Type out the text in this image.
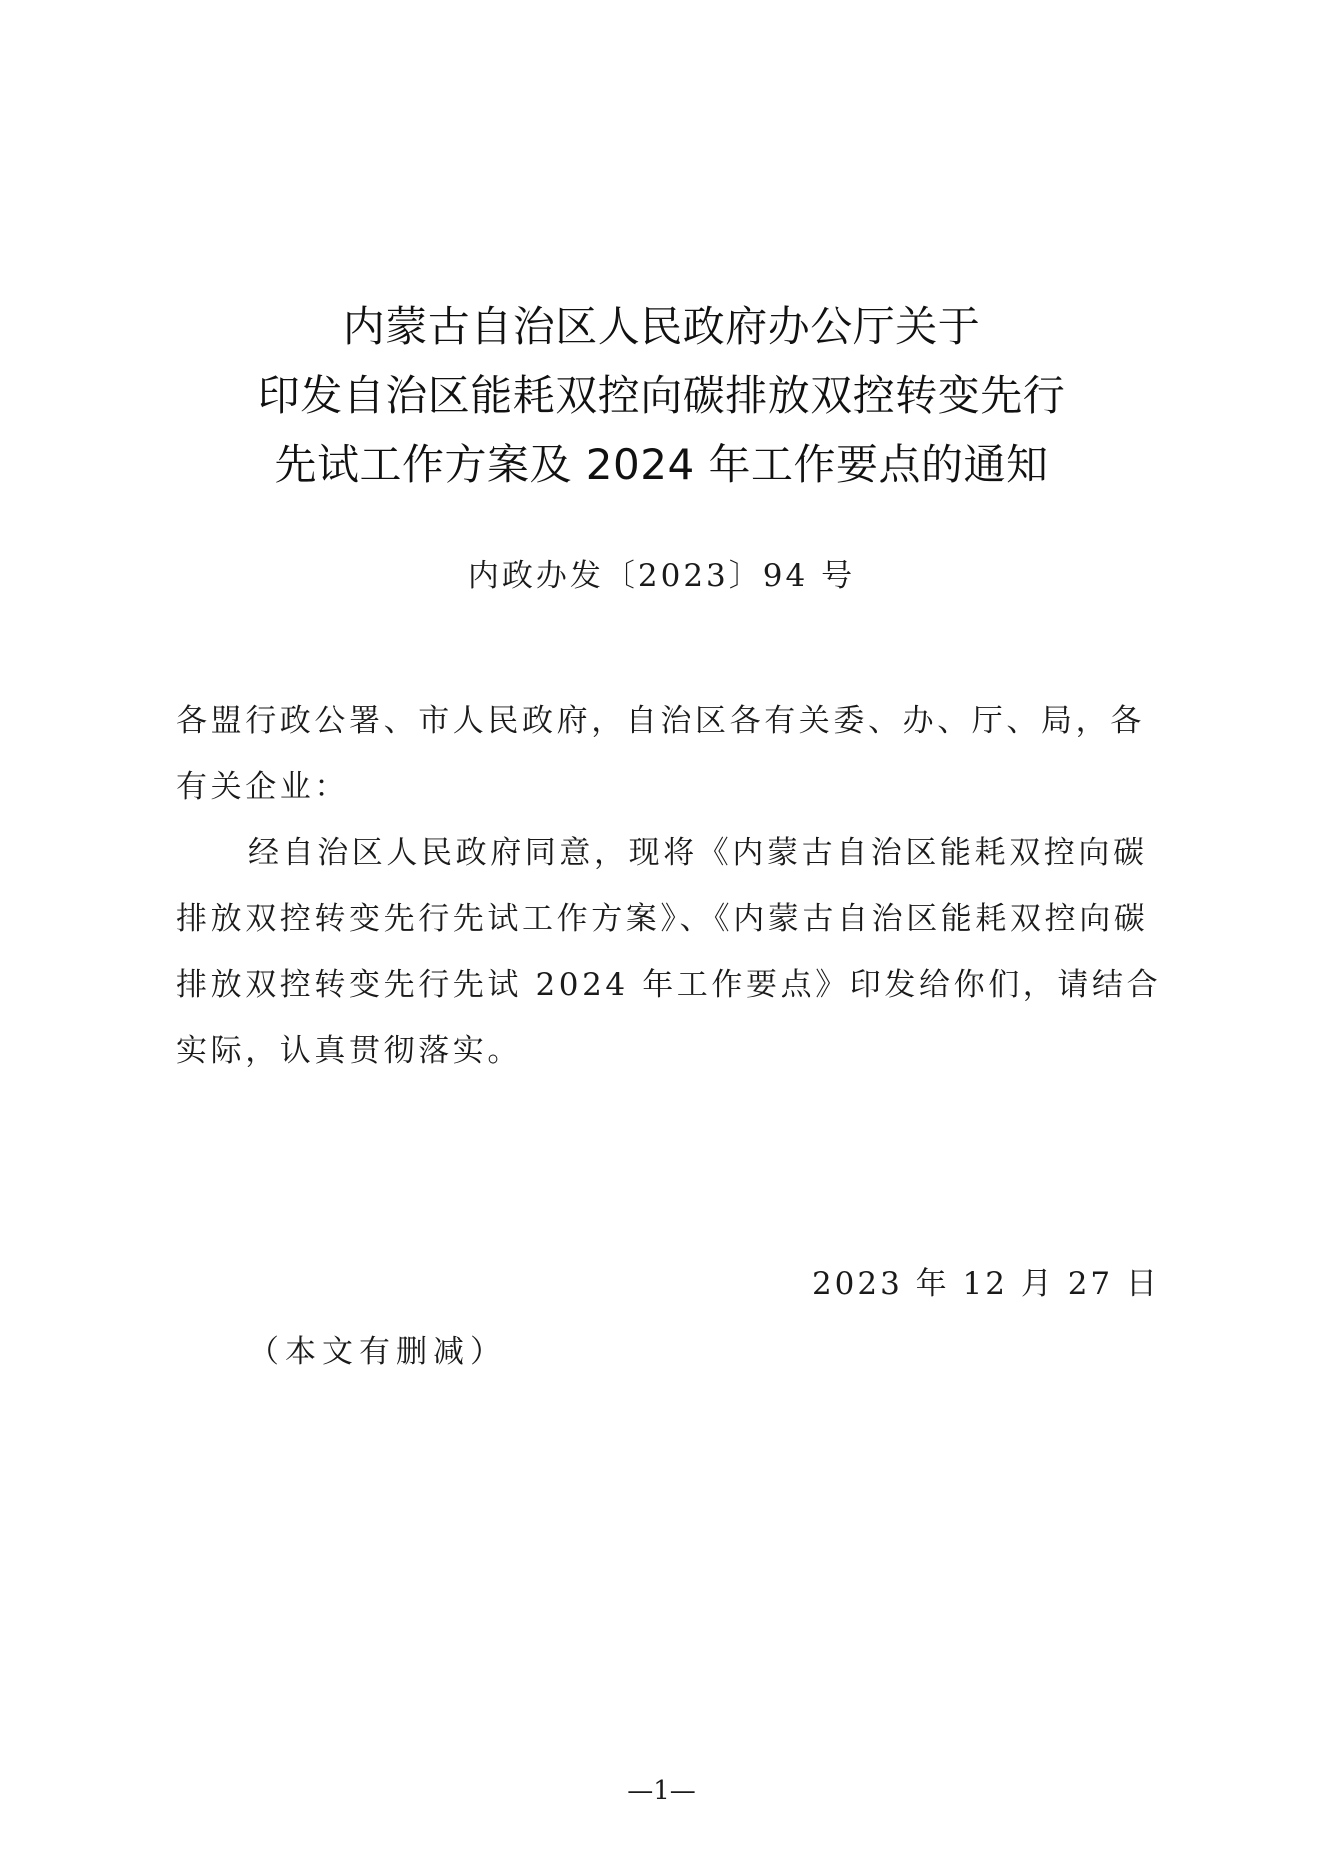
内蒙古自治区人民政府办公厅关于
印发自治区能耗双控向碳排放双控转变先行
先试工作方案及 2024 年工作要点的通知
内政办发〔2023〕94 号
各盟行政公署、市人民政府，自治区各有关委、办、厅、局，各
有关企业：
经自治区人民政府同意，现将《内蒙古自治区能耗双控向碳
排放双控转变先行先试工作方案》、《内蒙古自治区能耗双控向碳
排放双控转变先行先试 2024 年工作要点》印发给你们，请结合
实际，认真贯彻落实。
2023 年 12 月 27 日
（本文有删减）
—1—
